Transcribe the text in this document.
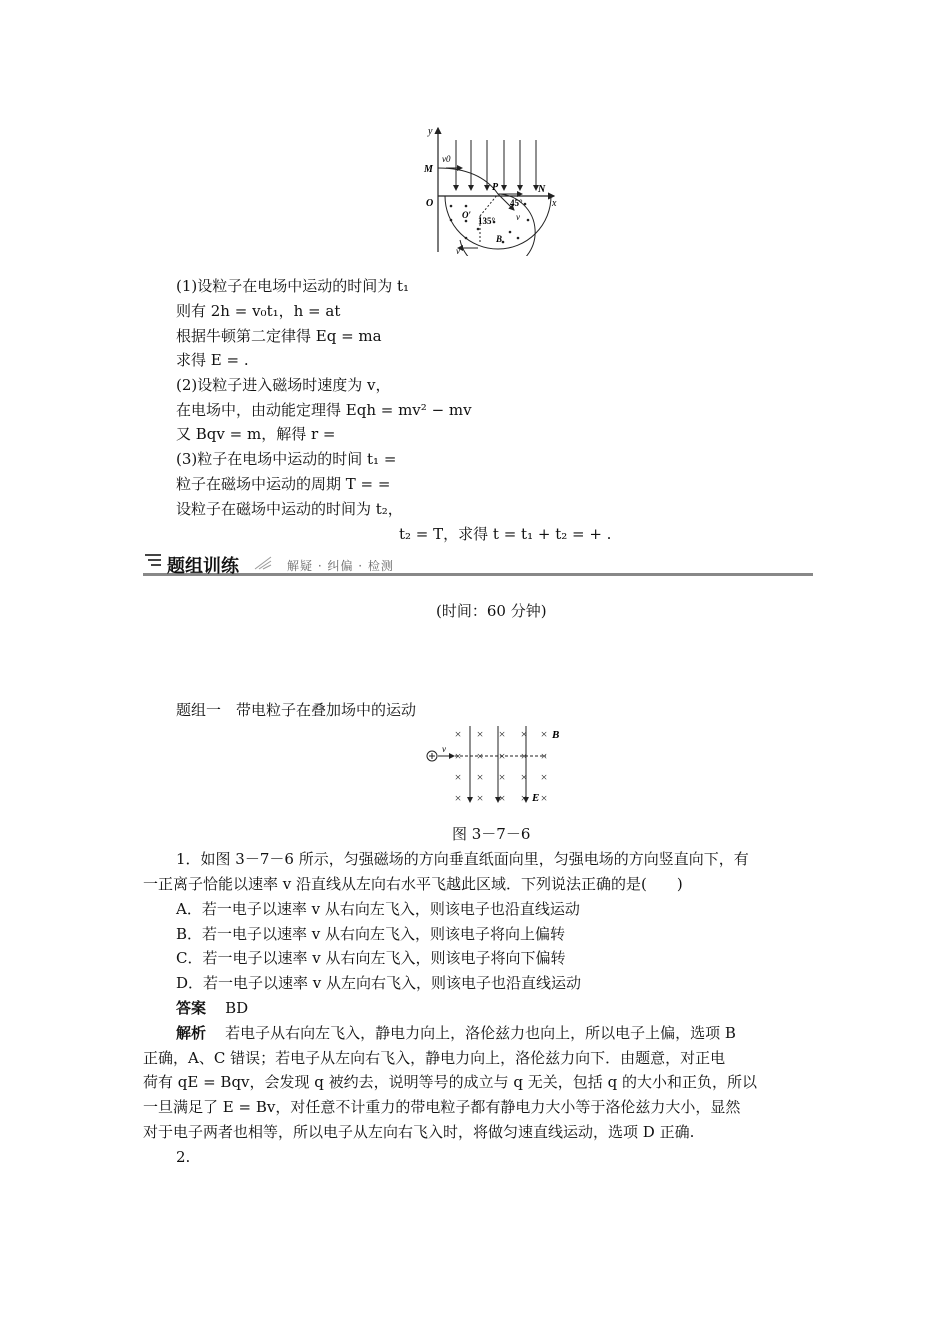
y
x
O
M
N
P
v0
45°
135°
O′
B
v
v
(1)设粒子在电场中运动的时间为 t₁
则有 2h = v₀t₁，h = at
根据牛顿第二定律得 Eq = ma
求得 E = .
(2)设粒子进入磁场时速度为 v，
在电场中，由动能定理得 Eqh = mv² − mv
又 Bqv = m，解得 r =
(3)粒子在电场中运动的时间 t₁ =
粒子在磁场中运动的周期 T = =
设粒子在磁场中运动的时间为 t₂，
t₂ = T，求得 t = t₁ + t₂ = + .
题组训练	解疑 · 纠偏 · 检测
(时间：60 分钟)
题组一　带电粒子在叠加场中的运动
× × × × ×
× × × × ×
× × × × ×
× × × × ×
v
B
E
图 3－7－6
1．如图 3－7－6 所示，匀强磁场的方向垂直纸面向里，匀强电场的方向竖直向下，有
一正离子恰能以速率 v 沿直线从左向右水平飞越此区域．下列说法正确的是(　　)
A．若一电子以速率 v 从右向左飞入，则该电子也沿直线运动
B．若一电子以速率 v 从右向左飞入，则该电子将向上偏转
C．若一电子以速率 v 从右向左飞入，则该电子将向下偏转
D．若一电子以速率 v 从左向右飞入，则该电子也沿直线运动
答案 BD
解析 若电子从右向左飞入，静电力向上，洛伦兹力也向上，所以电子上偏，选项 B
正确，A、C 错误；若电子从左向右飞入，静电力向上，洛伦兹力向下．由题意，对正电
荷有 qE = Bqv，会发现 q 被约去，说明等号的成立与 q 无关，包括 q 的大小和正负，所以
一旦满足了 E = Bv，对任意不计重力的带电粒子都有静电力大小等于洛伦兹力大小，显然
对于电子两者也相等，所以电子从左向右飞入时，将做匀速直线运动，选项 D 正确.
2.
